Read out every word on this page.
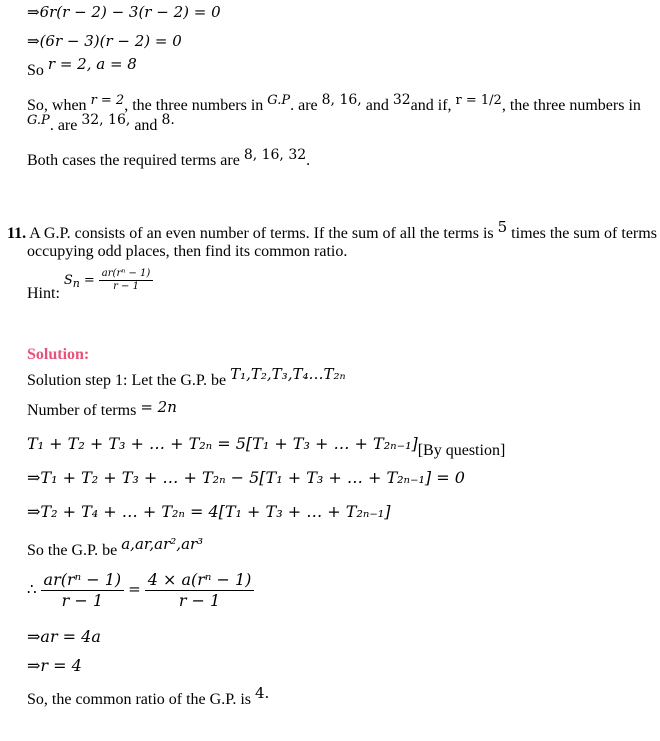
⇒6r(r − 2) − 3(r − 2) = 0
⇒(6r − 3)(r − 2) = 0
So r = 2, a = 8
So, when $^{r = 2}$, the three numbers in $^{G.P}$. are 8, 16, and 32and if, $^{r = 1/2}$, the three numbers in
$^{G.P}$. are 32, 16, and 8.
Both cases the required terms are 8, 16, 32.
11. A G.P. consists of an even number of terms. If the sum of all the terms is 5 times the sum of terms
occupying odd places, then find its common ratio.
Hint: $S_n = \frac{\text{ar(rⁿ − 1)}}{r - 1}$
Solution:
Solution step 1: Let the G.P. be T₁,T₂,T₃,T₄…T₂ₙ
Number of terms = 2n
T₁ + T₂ + T₃ + … + T₂ₙ = 5[T₁ + T₃ + … + T₂ₙ₋₁][By question]
⇒T₁ + T₂ + T₃ + … + T₂ₙ − 5[T₁ + T₃ + … + T₂ₙ₋₁] = 0
⇒T₂ + T₄ + … + T₂ₙ = 4[T₁ + T₃ + … + T₂ₙ₋₁]
So the G.P. be a,ar,ar²,ar³
∴ $\frac{\text{ar(rⁿ − 1)}}{r - 1} = \frac{\text{4 × a(rⁿ − 1)}}{r - 1}$
⇒ar = 4a
⇒r = 4
So, the common ratio of the G.P. is 4.
